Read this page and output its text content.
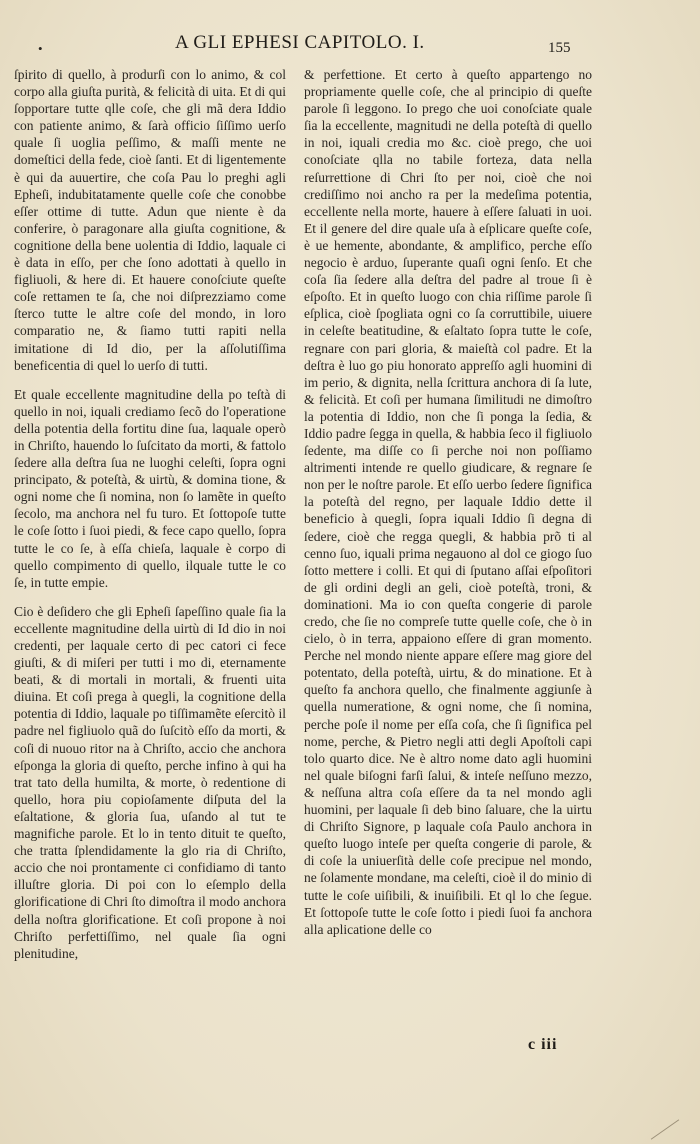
•	A GLI EPHESI CAPITOLO. I.	155

ſpirito di quello, à produrſi con lo animo, & col corpo alla giuſta purità, & felicità di uita. Et di qui ſopportare tutte qlle coſe, che gli mã dera Iddio con patiente animo, & ſarà officio ſiſſimo uerſo quale ſi uoglia peſſimo, & maſſi mente ne domeſtici della fede, cioè ſanti. Et di ligentemente è qui da auuertire, che coſa Pau lo preghi agli Epheſi, indubitatamente quelle coſe che conobbe eſſer ottime di tutte. Adun que niente è da conferire, ò paragonare alla giuſta cognitione, & cognitione della bene uolentia di Iddio, laquale ci è data in eſſo, per che ſono adottati à quello in figliuoli, & here di. Et hauere conoſciute queſte coſe rettamen te ſa, che noi diſprezziamo come ſterco tutte le altre coſe del mondo, in loro comparatio ne, & ſiamo tutti rapiti nella imitatione di Id dio, per la aſſolutiſſima beneficentia di quel lo uerſo di tutti.

Et quale eccellente magnitudine della po teſtà di quello in noi, iquali crediamo ſecõ do l'operatione della potentia della fortitu dine ſua, laquale operò in Chriſto, hauendo lo ſuſcitato da morti, & fattolo ſedere alla deſtra ſua ne luoghi celeſti, ſopra ogni principato, & poteſtà, & uirtù, & domina tione, & ogni nome che ſi nomina, non ſo lamẽte in queſto ſecolo, ma anchora nel fu turo. Et ſottopoſe tutte le coſe ſotto i ſuoi piedi, & fece capo quello, ſopra tutte le co ſe, à eſſa chieſa, laquale è corpo di quello compimento di quello, ilquale tutte le co ſe, in tutte empie.

Cio è deſidero che gli Epheſi ſapeſſino quale ſia la eccellente magnitudine della uirtù di Id dio in noi credenti, per laquale certo di pec catori ci fece giuſti, & di miſeri per tutti i mo di, eternamente beati, & di mortali in mortali, & fruenti uita diuina. Et coſi prega à quegli, la cognitione della potentia di Iddio, laquale po tiſſimamẽte eſercitò il padre nel figliuolo quã do ſuſcitò eſſo da morti, & coſi di nuouo ritor na à Chriſto, accio che anchora eſponga la gloria di queſto, perche infino à qui ha trat tato della humilta, & morte, ò redentione di quello, hora piu copioſamente diſputa del la eſaltatione, & gloria ſua, uſando al tut te magnifiche parole. Et lo in tento dituit te queſto, che tratta ſplendidamente la glo ria di Chriſto, accio che noi prontamente ci confidiamo di tanto illuſtre gloria. Di poi con lo eſemplo della glorificatione di Chri ſto dimoſtra il modo anchora della noſtra glorificatione. Et coſi propone à noi Chriſto perfettiſſimo, nel quale ſia ogni plenitudine,

& perfettione. Et certo à queſto appartengo no propriamente quelle coſe, che al principio di queſte parole ſi leggono. Io prego che uoi conoſciate quale ſia la eccellente, magnitudi ne della poteſtà di quello in noi, iquali credia mo &c. cioè prego, che uoi conoſciate qlla no tabile forteza, data nella reſurrettione di Chri ſto per noi, cioè che noi crediſſimo noi ancho ra per la medeſima potentia, eccellente nella morte, hauere à eſſere ſaluati in uoi. Et il genere del dire quale uſa à eſplicare queſte coſe, è ue hemente, abondante, & amplifico, perche eſſo negocio è arduo, ſuperante quaſi ogni ſenſo. Et che coſa ſia ſedere alla deſtra del padre al troue ſi è eſpoſto. Et in queſto luogo con chia riſſime parole ſi eſplica, cioè ſpogliata ogni co ſa corruttibile, uiuere in celeſte beatitudine, & eſaltato ſopra tutte le coſe, regnare con pari gloria, & maieſtà col padre. Et la deſtra è luo go piu honorato appreſſo agli huomini di im perio, & dignita, nella ſcrittura anchora di ſa lute, & felicità. Et coſi per humana ſimilitudi ne dimoſtro la potentia di Iddio, non che ſi ponga la ſedia, & Iddio padre ſegga in quella, & habbia ſeco il figliuolo ſedente, ma diſſe co ſi perche noi non poſſiamo altrimenti intende re quello giudicare, & regnare ſe non per le noſtre parole. Et eſſo uerbo ſedere ſignifica la poteſtà del regno, per laquale Iddio dette il beneficio à quegli, ſopra iquali Iddio ſi degna di ſedere, cioè che regga quegli, & habbia prõ ti al cenno ſuo, iquali prima negauono al dol ce giogo ſuo ſotto mettere i colli. Et qui di ſputano aſſai eſpoſitori de gli ordini degli an geli, cioè poteſtà, troni, & dominationi. Ma io con queſta congerie di parole credo, che ſie no compreſe tutte quelle coſe, che ò in cielo, ò in terra, appaiono eſſere di gran momento. Perche nel mondo niente appare eſſere mag giore del potentato, della poteſtà, uirtu, & do minatione. Et à queſto fa anchora quello, che finalmente aggiunſe à quella numeratione, & ogni nome, che ſi nomina, perche poſe il nome per eſſa coſa, che ſi ſignifica pel nome, perche, & Pietro negli atti degli Apoſtoli capi tolo quarto dice. Ne è altro nome dato agli huomini nel quale biſogni farſi ſalui, & inteſe neſſuno mezzo, & neſſuna altra coſa eſſere da ta nel mondo agli huomini, per laquale ſi deb bino ſaluare, che la uirtu di Chriſto Signore, p laquale coſa Paulo anchora in queſto luogo inteſe per queſta congerie di parole, & di coſe la uniuerſità delle coſe precipue nel mondo, ne ſolamente mondane, ma celeſti, cioè il do minio di tutte le coſe uiſibili, & inuiſibili. Et ql lo che ſegue. Et ſottopoſe tutte le coſe ſotto i piedi ſuoi fa anchora alla aplicatione delle co

c iii
